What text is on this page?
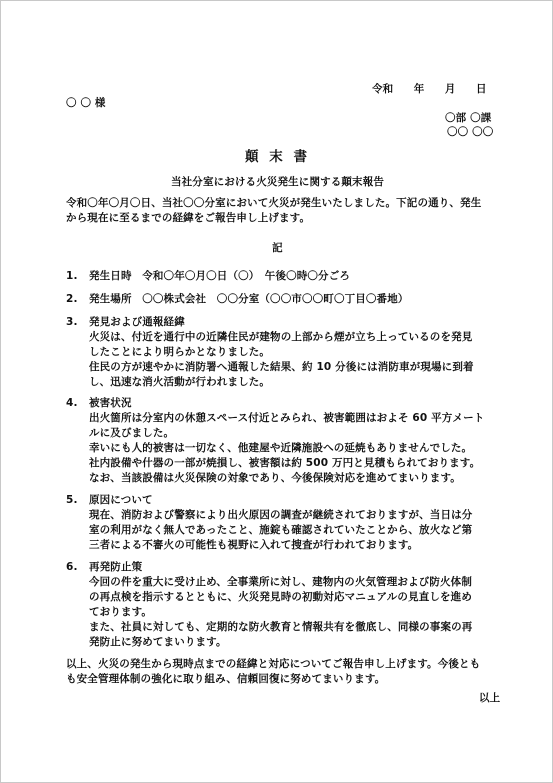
令和　 年　 月　 日
〇 〇 様
〇部 〇課
〇〇 〇〇
顛 末 書
当社分室における火災発生に関する顛末報告
令和〇年〇月〇日、当社〇〇分室において火災が発生いたしました。下記の通り、発生
から現在に至るまでの経緯をご報告申し上げます。
記
1. 発生日時　令和〇年〇月〇日（〇）　午後〇時〇分ごろ
2. 発生場所　〇〇株式会社　〇〇分室（〇〇市〇〇町〇丁目〇番地）
3. 発見および通報経緯
火災は、付近を通行中の近隣住民が建物の上部から煙が立ち上っているのを発見
したことにより明らかとなりました。
住民の方が速やかに消防署へ通報した結果、約 10 分後には消防車が現場に到着
し、迅速な消火活動が行われました。
4. 被害状況
出火箇所は分室内の休憩スペース付近とみられ、被害範囲はおよそ 60 平方メート
ルに及びました。
幸いにも人的被害は一切なく、他建屋や近隣施設への延焼もありませんでした。
社内設備や什器の一部が焼損し、被害額は約 500 万円と見積もられております。
なお、当該設備は火災保険の対象であり、今後保険対応を進めてまいります。
5. 原因について
現在、消防および警察により出火原因の調査が継続されておりますが、当日は分
室の利用がなく無人であったこと、施錠も確認されていたことから、放火など第
三者による不審火の可能性も視野に入れて捜査が行われております。
6. 再発防止策
今回の件を重大に受け止め、全事業所に対し、建物内の火気管理および防火体制
の再点検を指示するとともに、火災発見時の初動対応マニュアルの見直しを進め
ております。
また、社員に対しても、定期的な防火教育と情報共有を徹底し、同様の事案の再
発防止に努めてまいります。
以上、火災の発生から現時点までの経緯と対応についてご報告申し上げます。今後とも
も安全管理体制の強化に取り組み、信頼回復に努めてまいります。
以上
